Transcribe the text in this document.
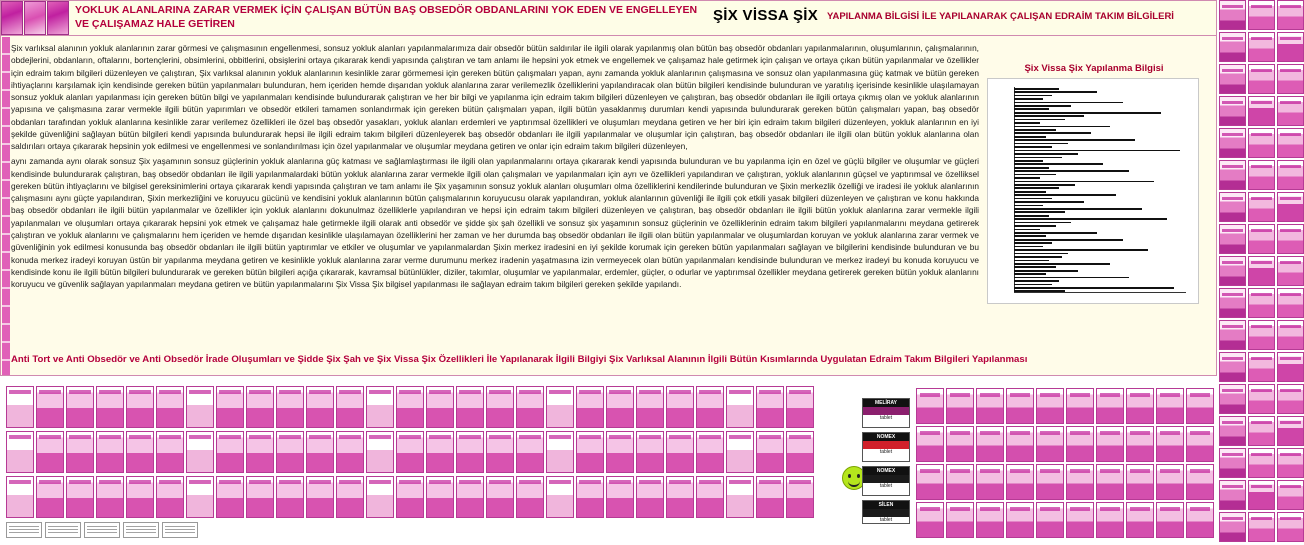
YOKLUK ALANLARINA ZARAR VERMEK İÇİN ÇALIŞAN BÜTÜN BAŞ OBSEDÖR OBDANLARINI YOK EDEN VE ENGELLEYEN VE ÇALIŞAMAZ HALE GETİREN
ŞİX VİSSA ŞİX YAPILANMA BİLGİSİ İLE YAPILANARAK ÇALIŞAN EDRAİM TAKIM BİLGİLERİ

Şix varlıksal alanının yokluk alanlarının zarar görmesi ve çalışmasının engellenmesi, sonsuz yokluk alanları yapılanmalarımıza dair obsedör bütün saldırılar ile ilgili olarak yapılanmış olan bütün baş obsedör obdanları yapılanmalarının, oluşumlarının, çalışmalarının, obdejlerini, obdanların, oftalarını, bortençlerini, obsimlerini, obbitlerini, obsişlerini ortaya çıkararak kendi yapısında çalıştıran ve tam anlamı ile hepsini yok etmek ve engellemek ve çalışamaz hale getirmek için çalışan ve ortaya çıkan bütün yapılanmalar ve özellikler için edraim takım bilgileri düzenleyen ve çalıştıran, Şix varlıksal alanının yokluk alanlarının kesinlikle zarar görmemesi için gereken bütün çalışmaları yapan, aynı zamanda yokluk alanlarının çalışmasına ve sonsuz olan yapılanmasına güç katmak ve bütün gereken ihtiyaçlarını karşılamak için kendisinde gereken bütün yapılanmaları bulunduran, hem içeriden hemde dışarıdan yokluk alanlarına zarar verilemezlik özelliklerini yapılandıracak olan bütün bilgileri kendisinde bulunduran ve yaratılış içerisinde kesinlikle ulaşılamayan sonsuz yokluk alanları yapılanması için gereken bütün bilgi ve yapılanmaları kendisinde bulundurarak çalıştıran ve her bir bilgi ve yapılanma için edraim takım bilgileri düzenleyen ve çalıştıran, baş obsedör obdanları ile ilgili ortaya çıkmış olan ve yokluk alanlarının yapısına ve çalışmasına zarar vermekle ilgili bütün yapırımları ve obsedör etkileri tamamen sonlandırmak için gereken bütün çalışmaları yapan, ilgili bütün yasaklanmış durumları kendi yapısında bulundurarak gereken bütün çalışmaları yapan, baş obsedör obdanları tarafından yokluk alanlarına kesinlikle zarar verilemez özellikleri ile özel baş obsedör yasakları, yokluk alanları erdemleri ve yaptırımsal özellikleri ve oluşumları meydana getiren ve her biri için edraim takım bilgileri düzenleyen, yokluk alanlarının en iyi şekilde güvenliğini sağlayan bütün bilgileri kendi yapısında bulundurarak hepsi ile ilgili edraim takım bilgileri düzenleyerek baş obsedör obdanları ile ilgili yapılanmalar ve oluşumlar için çalıştıran, baş obsedör obdanları ile ilgili olan bütün yokluk alanlarına olan saldırıları ortaya çıkararak hepsinin yok edilmesi ve engellenmesi ve sonlandırılması için özel yapılanmalar ve oluşumlar meydana getiren ve onlar için edraim takım bilgileri düzenleyen,

aynı zamanda aynı olarak sonsuz Şix yaşamının sonsuz güçlerinin yokluk alanlarına güç katması ve sağlamlaştırması ile ilgili olan yapılanmalarını ortaya çıkararak kendi yapısında bulunduran ve bu yapılanma için en özel ve güçlü bilgiler ve oluşumlar ve güçleri kendisinde bulundurarak çalıştıran, baş obsedör obdanları ile ilgili yapılanmalardaki bütün yokluk alanlarına zarar vermekle ilgili olan çalışmaları ve yapılanmaları için ayrı ve özellikleri yapılandıran ve çalıştıran, yokluk alanlarının güçsel ve yaptırımsal ve özelliksel gereken bütün ihtiyaçlarını ve bilgisel gereksinimlerini ortaya çıkararak kendi yapısında çalıştıran ve tam anlamı ile Şix yaşamının sonsuz yokluk alanları oluşumları olma özelliklerini kendilerinde bulunduran ve Şixin merkezlik özelliği ve iradesi ile yokluk alanlarının çalışmasını aynı güçte yapılandıran, Şixin merkezliğini ve koruyucu gücünü ve kendisini yokluk alanlarının bütün çalışmalarının koruyucusu olarak yapılandıran, yokluk alanlarının güvenliği ile ilgili çok etkili yasak bilgileri düzenleyen ve çalıştıran ve konu hakkında baş obsedör obdanları ile ilgili bütün yapılanmalar ve özellikler için yokluk alanlarını dokunulmaz özelliklerle yapılandıran ve hepsi için edraim takım bilgileri düzenleyen ve çalıştıran, baş obsedör obdanları ile ilgili bütün yokluk alanlarına zarar vermekle ilgili yapılanmaları ve oluşumları ortaya çıkararak hepsini yok etmek ve çalışamaz hale getirmekle ilgili olarak anti obsedör ve şidde şix şah özellikli ve sonsuz şix yaşamının sonsuz güçlerinin ve özelliklerinin edraim takım bilgileri yapılanmalarını meydana getirerek çalıştıran ve yokluk alanlarını ve çalışmalarını hem içeriden ve hemde dışarıdan kesinlikle ulaşılamayan özelliklerini her zaman ve her durumda baş obsedör obdanları ile ilgili olan bütün yapılanmalar ve oluşumlardan koruyan ve yokluk alanlarına zarar vermek ve güvenliğinin yok edilmesi konusunda baş obsedör obdanları ile ilgili bütün yaptırımlar ve etkiler ve oluşumlar ve yapılanmalardan Şixin merkez iradesini en iyi şekilde korumak için gereken bütün yapılanmaları sağlayan ve bilgilerini kendisinde bulunduran ve bu konuda merkez iradeyi koruyan üstün bir yapılanma meydana getiren ve kesinlikle yokluk alanlarına zarar verme durumunu merkez iradenin yaşatmasına izin vermeyecek olan bütün yapılanmaları kendisinde bulunduran ve merkez iradeyi bu konuda koruyucu ve kendisinde konu ile ilgili bütün bilgileri bulundurarak ve gereken bütün bilgileri açığa çıkararak, kavramsal bütünlükler, diziler, takımlar, oluşumlar ve yapılanmalar, erdemler, güçler, o odurlar ve yaptırımsal özellikler meydana getirerek gereken bütün yokluk alanlarını koruyucu ve güvenlik sağlayan yapılanmaları meydana getiren ve bütün yapılanmalarını Şix Vissa Şix bilgisel yapılanması ile sağlayan edraim takım bilgileri gereken şekilde yapılandı.

Şix Vissa Şix Yapılanma Bilgisi
Anti Tort ve Anti Obsedör ve Anti Obsedör İrade Oluşumları ve Şidde Şix Şah ve Şix Vissa Şix Özellikleri İle Yapılanarak İlgili Bilgiyi Şix Varlıksal Alanının İlgili Bütün Kısımlarında Uygulatan Edraim Takım Bilgileri Yapılanması
MELİRAY
tablet
NOMEX
tablet
NOMEX
tablet
SİLEN
tablet
